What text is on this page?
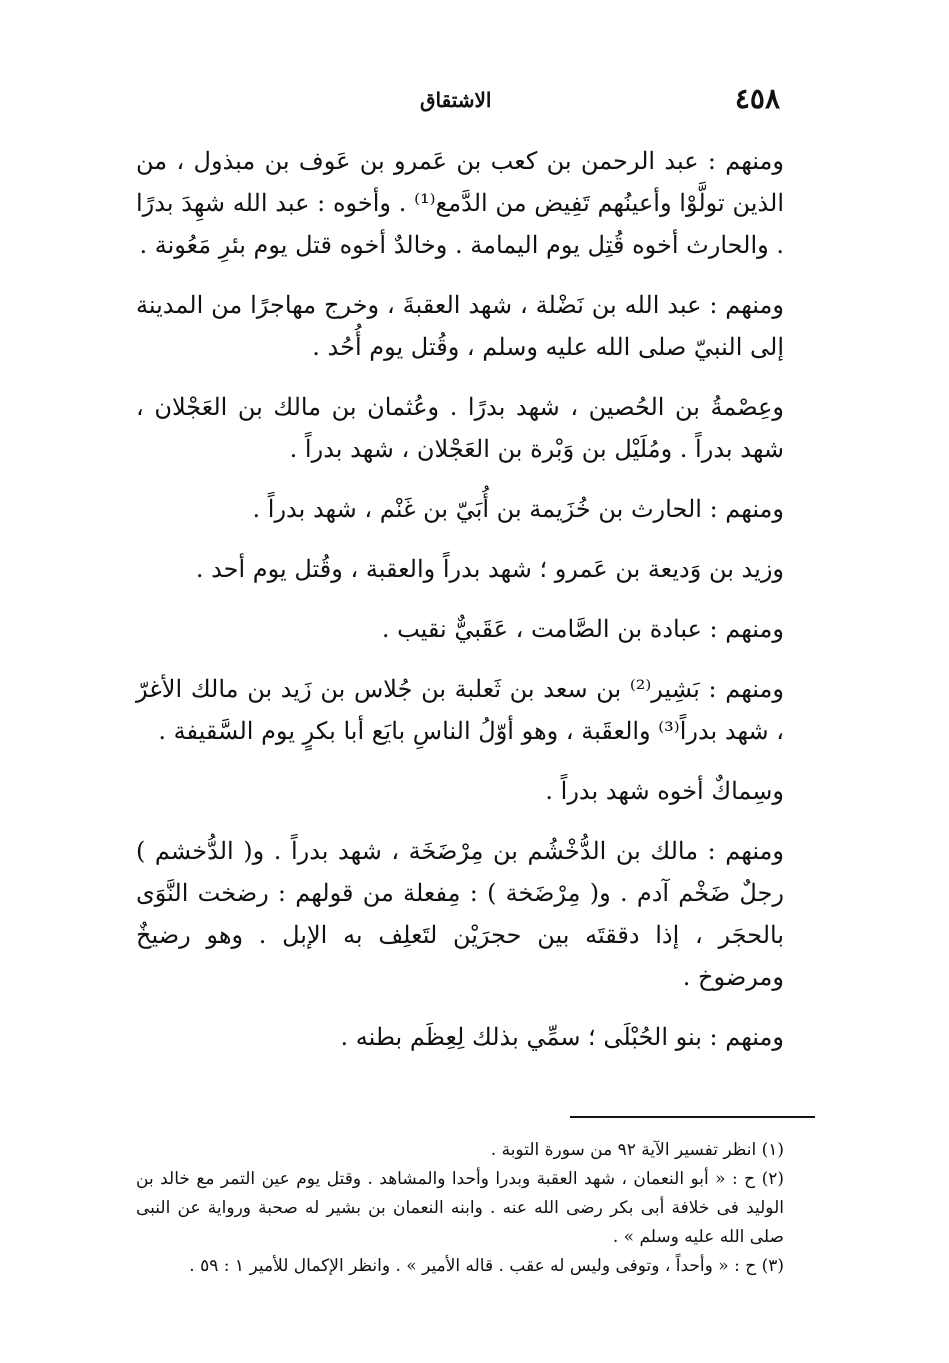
٤٥٨
الاشتقاق

ومنهم : عبد الرحمن بن كعب بن عَمرو بن عَوف بن مبذول ، من الذين تولَّوْا وأعينُهم تَفِيض من الدَّمع⁽¹⁾ . وأخوه : عبد الله شهِدَ بدرًا . والحارث أخوه قُتِل يوم اليمامة . وخالدٌ أخوه قتل يوم بئرِ مَعُونة .

ومنهم : عبد الله بن نَضْلة ، شهد العقبةَ ، وخرج مهاجرًا من المدينة إلى النبيّ صلى الله عليه وسلم ، وقُتل يوم أُحُد .

وعِصْمةُ بن الحُصين ، شهد بدرًا . وعُثمان بن مالك بن العَجْلان ، شهد بدراً . ومُلَيْل بن وَبْرة بن العَجْلان ، شهد بدراً .

ومنهم : الحارث بن خُزَيمة بن أُبَيّ بن غَنْم ، شهد بدراً .

وزيد بن وَديعة بن عَمرو ؛ شهد بدراً والعقبة ، وقُتل يوم أحد .

ومنهم : عبادة بن الصَّامت ، عَقَبيٌّ نقيب .

ومنهم : بَشِير⁽²⁾ بن سعد بن ثَعلبة بن جُلاس بن زَيد بن مالك الأغرّ ، شهد بدراً⁽³⁾ والعقَبة ، وهو أوّلُ الناسِ بايَع أبا بكرٍ يوم السَّقيفة .

وسِماكٌ أخوه شهد بدراً .

ومنهم : مالك بن الدُّخْشُم بن مِرْضَخَة ، شهد بدراً . و( الدُّخشم ) رجلٌ ضَخْم آدم . و( مِرْضَخة ) : مِفعلة من قولهم : رضخت النَّوَى بالحجَر ، إذا دققتَه بين حجرَيْن لتَعلِف به الإبل . وهو رضيخٌ ومرضوخ .

ومنهم : بنو الحُبْلَى ؛ سمِّي بذلك لِعِظَم بطنه .

(١) انظر تفسير الآية ٩٢ من سورة التوبة .

(٢) ح : « أبو النعمان ، شهد العقبة وبدرا وأحدا والمشاهد . وقتل يوم عين التمر مع خالد بن الوليد فى خلافة أبى بكر رضى الله عنه . وابنه النعمان بن بشير له صحبة ورواية عن النبى صلى الله عليه وسلم » .

(٣) ح : « وأحداً ، وتوفى وليس له عقب . قاله الأمير » . وانظر الإكمال للأمير ١ : ٥٩ .
